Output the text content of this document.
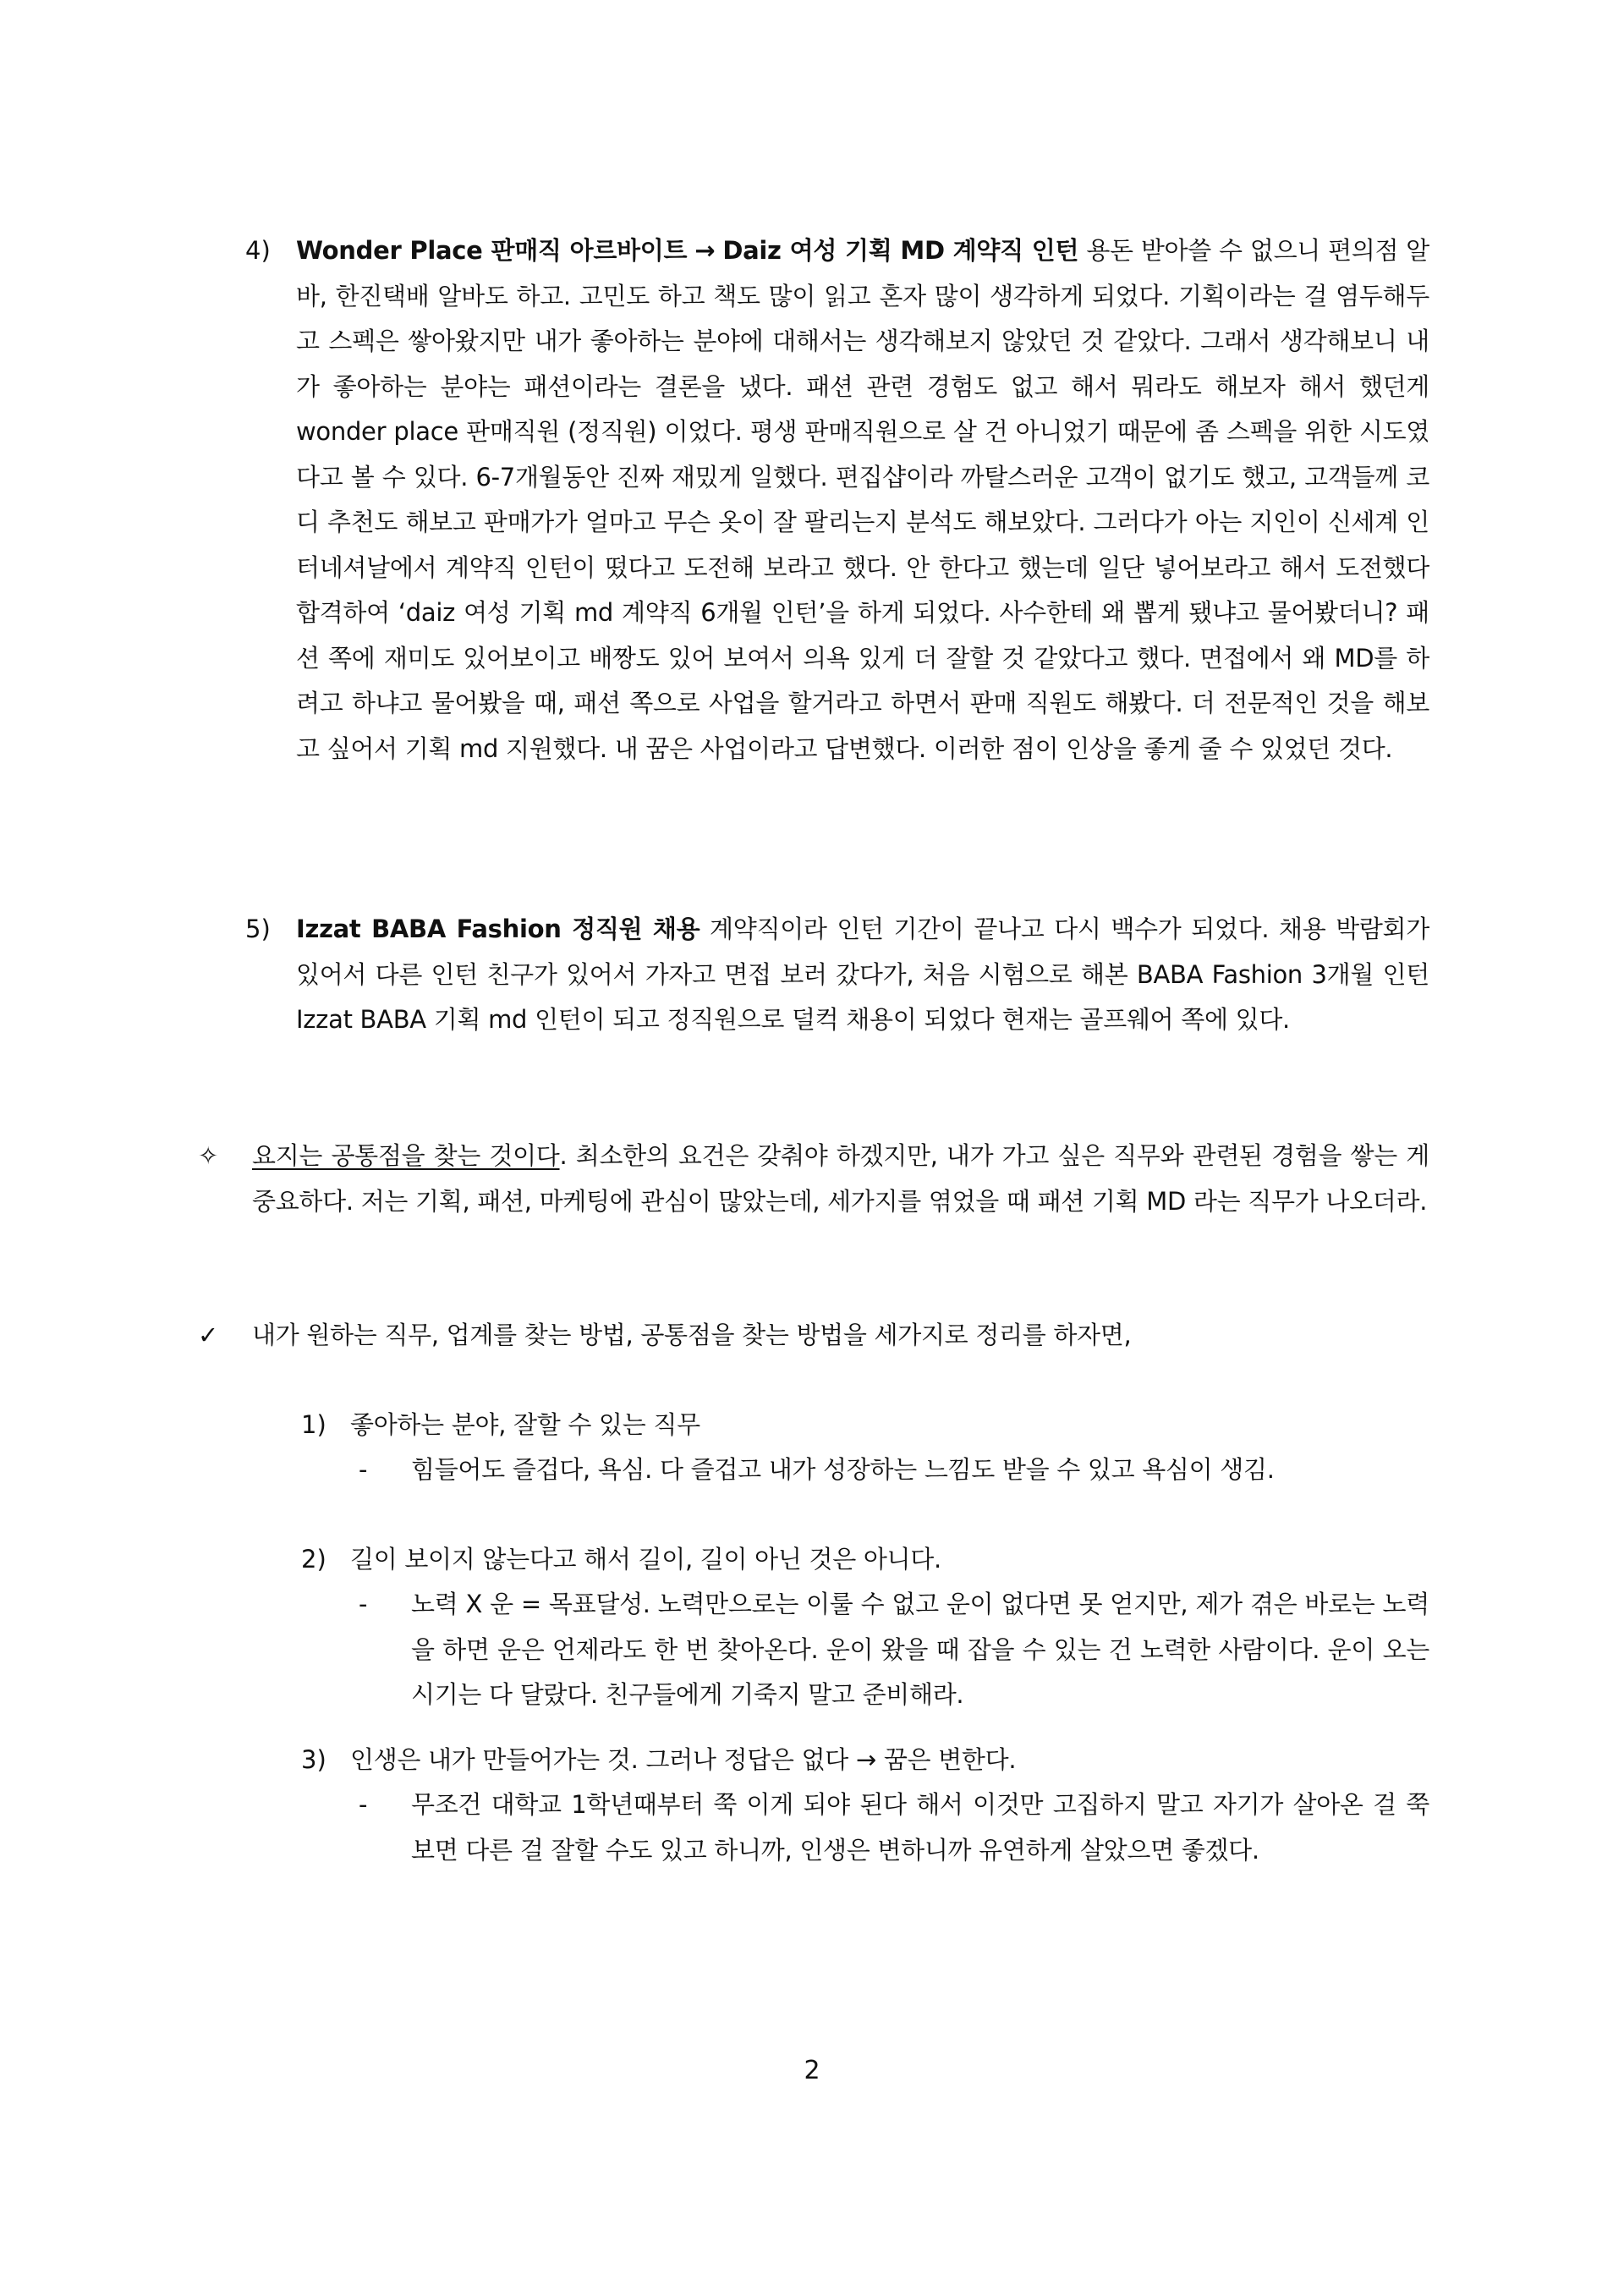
4) Wonder Place 판매직 아르바이트 → Daiz 여성 기획 MD 계약직 인턴 용돈 받아쓸 수 없으니 편의점 알바, 한진택배 알바도 하고. 고민도 하고 책도 많이 읽고 혼자 많이 생각하게 되었다. 기획이라는 걸 염두해두고 스펙은 쌓아왔지만 내가 좋아하는 분야에 대해서는 생각해보지 않았던 것 같았다. 그래서 생각해보니 내가 좋아하는 분야는 패션이라는 결론을 냈다. 패션 관련 경험도 없고 해서 뭐라도 해보자 해서 했던게 wonder place 판매직원 (정직원) 이었다. 평생 판매직원으로 살 건 아니었기 때문에 좀 스펙을 위한 시도였다고 볼 수 있다. 6-7개월동안 진짜 재밌게 일했다. 편집샵이라 까탈스러운 고객이 없기도 했고, 고객들께 코디 추천도 해보고 판매가가 얼마고 무슨 옷이 잘 팔리는지 분석도 해보았다. 그러다가 아는 지인이 신세계 인터네셔날에서 계약직 인턴이 떴다고 도전해 보라고 했다. 안 한다고 했는데 일단 넣어보라고 해서 도전했다 합격하여 ‘daiz 여성 기획 md 계약직 6개월 인턴’을 하게 되었다. 사수한테 왜 뽑게 됐냐고 물어봤더니? 패션 쪽에 재미도 있어보이고 배짱도 있어 보여서 의욕 있게 더 잘할 것 같았다고 했다. 면접에서 왜 MD를 하려고 하냐고 물어봤을 때, 패션 쪽으로 사업을 할거라고 하면서 판매 직원도 해봤다. 더 전문적인 것을 해보고 싶어서 기획 md 지원했다. 내 꿈은 사업이라고 답변했다. 이러한 점이 인상을 좋게 줄 수 있었던 것다.
5) Izzat BABA Fashion 정직원 채용 계약직이라 인턴 기간이 끝나고 다시 백수가 되었다. 채용 박람회가 있어서 다른 인턴 친구가 있어서 가자고 면접 보러 갔다가, 처음 시험으로 해본 BABA Fashion 3개월 인턴 Izzat BABA 기획 md 인턴이 되고 정직원으로 덜컥 채용이 되었다 현재는 골프웨어 쪽에 있다.
✧ 요지는 공통점을 찾는 것이다. 최소한의 요건은 갖춰야 하겠지만, 내가 가고 싶은 직무와 관련된 경험을 쌓는 게 중요하다. 저는 기획, 패션, 마케팅에 관심이 많았는데, 세가지를 엮었을 때 패션 기획 MD 라는 직무가 나오더라.
✓ 내가 원하는 직무, 업계를 찾는 방법, 공통점을 찾는 방법을 세가지로 정리를 하자면,
1) 좋아하는 분야, 잘할 수 있는 직무
- 힘들어도 즐겁다, 욕심. 다 즐겁고 내가 성장하는 느낌도 받을 수 있고 욕심이 생김.
2) 길이 보이지 않는다고 해서 길이, 길이 아닌 것은 아니다.
- 노력 X 운 = 목표달성. 노력만으로는 이룰 수 없고 운이 없다면 못 얻지만, 제가 겪은 바로는 노력을 하면 운은 언제라도 한 번 찾아온다. 운이 왔을 때 잡을 수 있는 건 노력한 사람이다. 운이 오는 시기는 다 달랐다. 친구들에게 기죽지 말고 준비해라.
3) 인생은 내가 만들어가는 것. 그러나 정답은 없다 → 꿈은 변한다.
- 무조건 대학교 1학년때부터 쭉 이게 되야 된다 해서 이것만 고집하지 말고 자기가 살아온 걸 쭉 보면 다른 걸 잘할 수도 있고 하니까, 인생은 변하니까 유연하게 살았으면 좋겠다.
2
